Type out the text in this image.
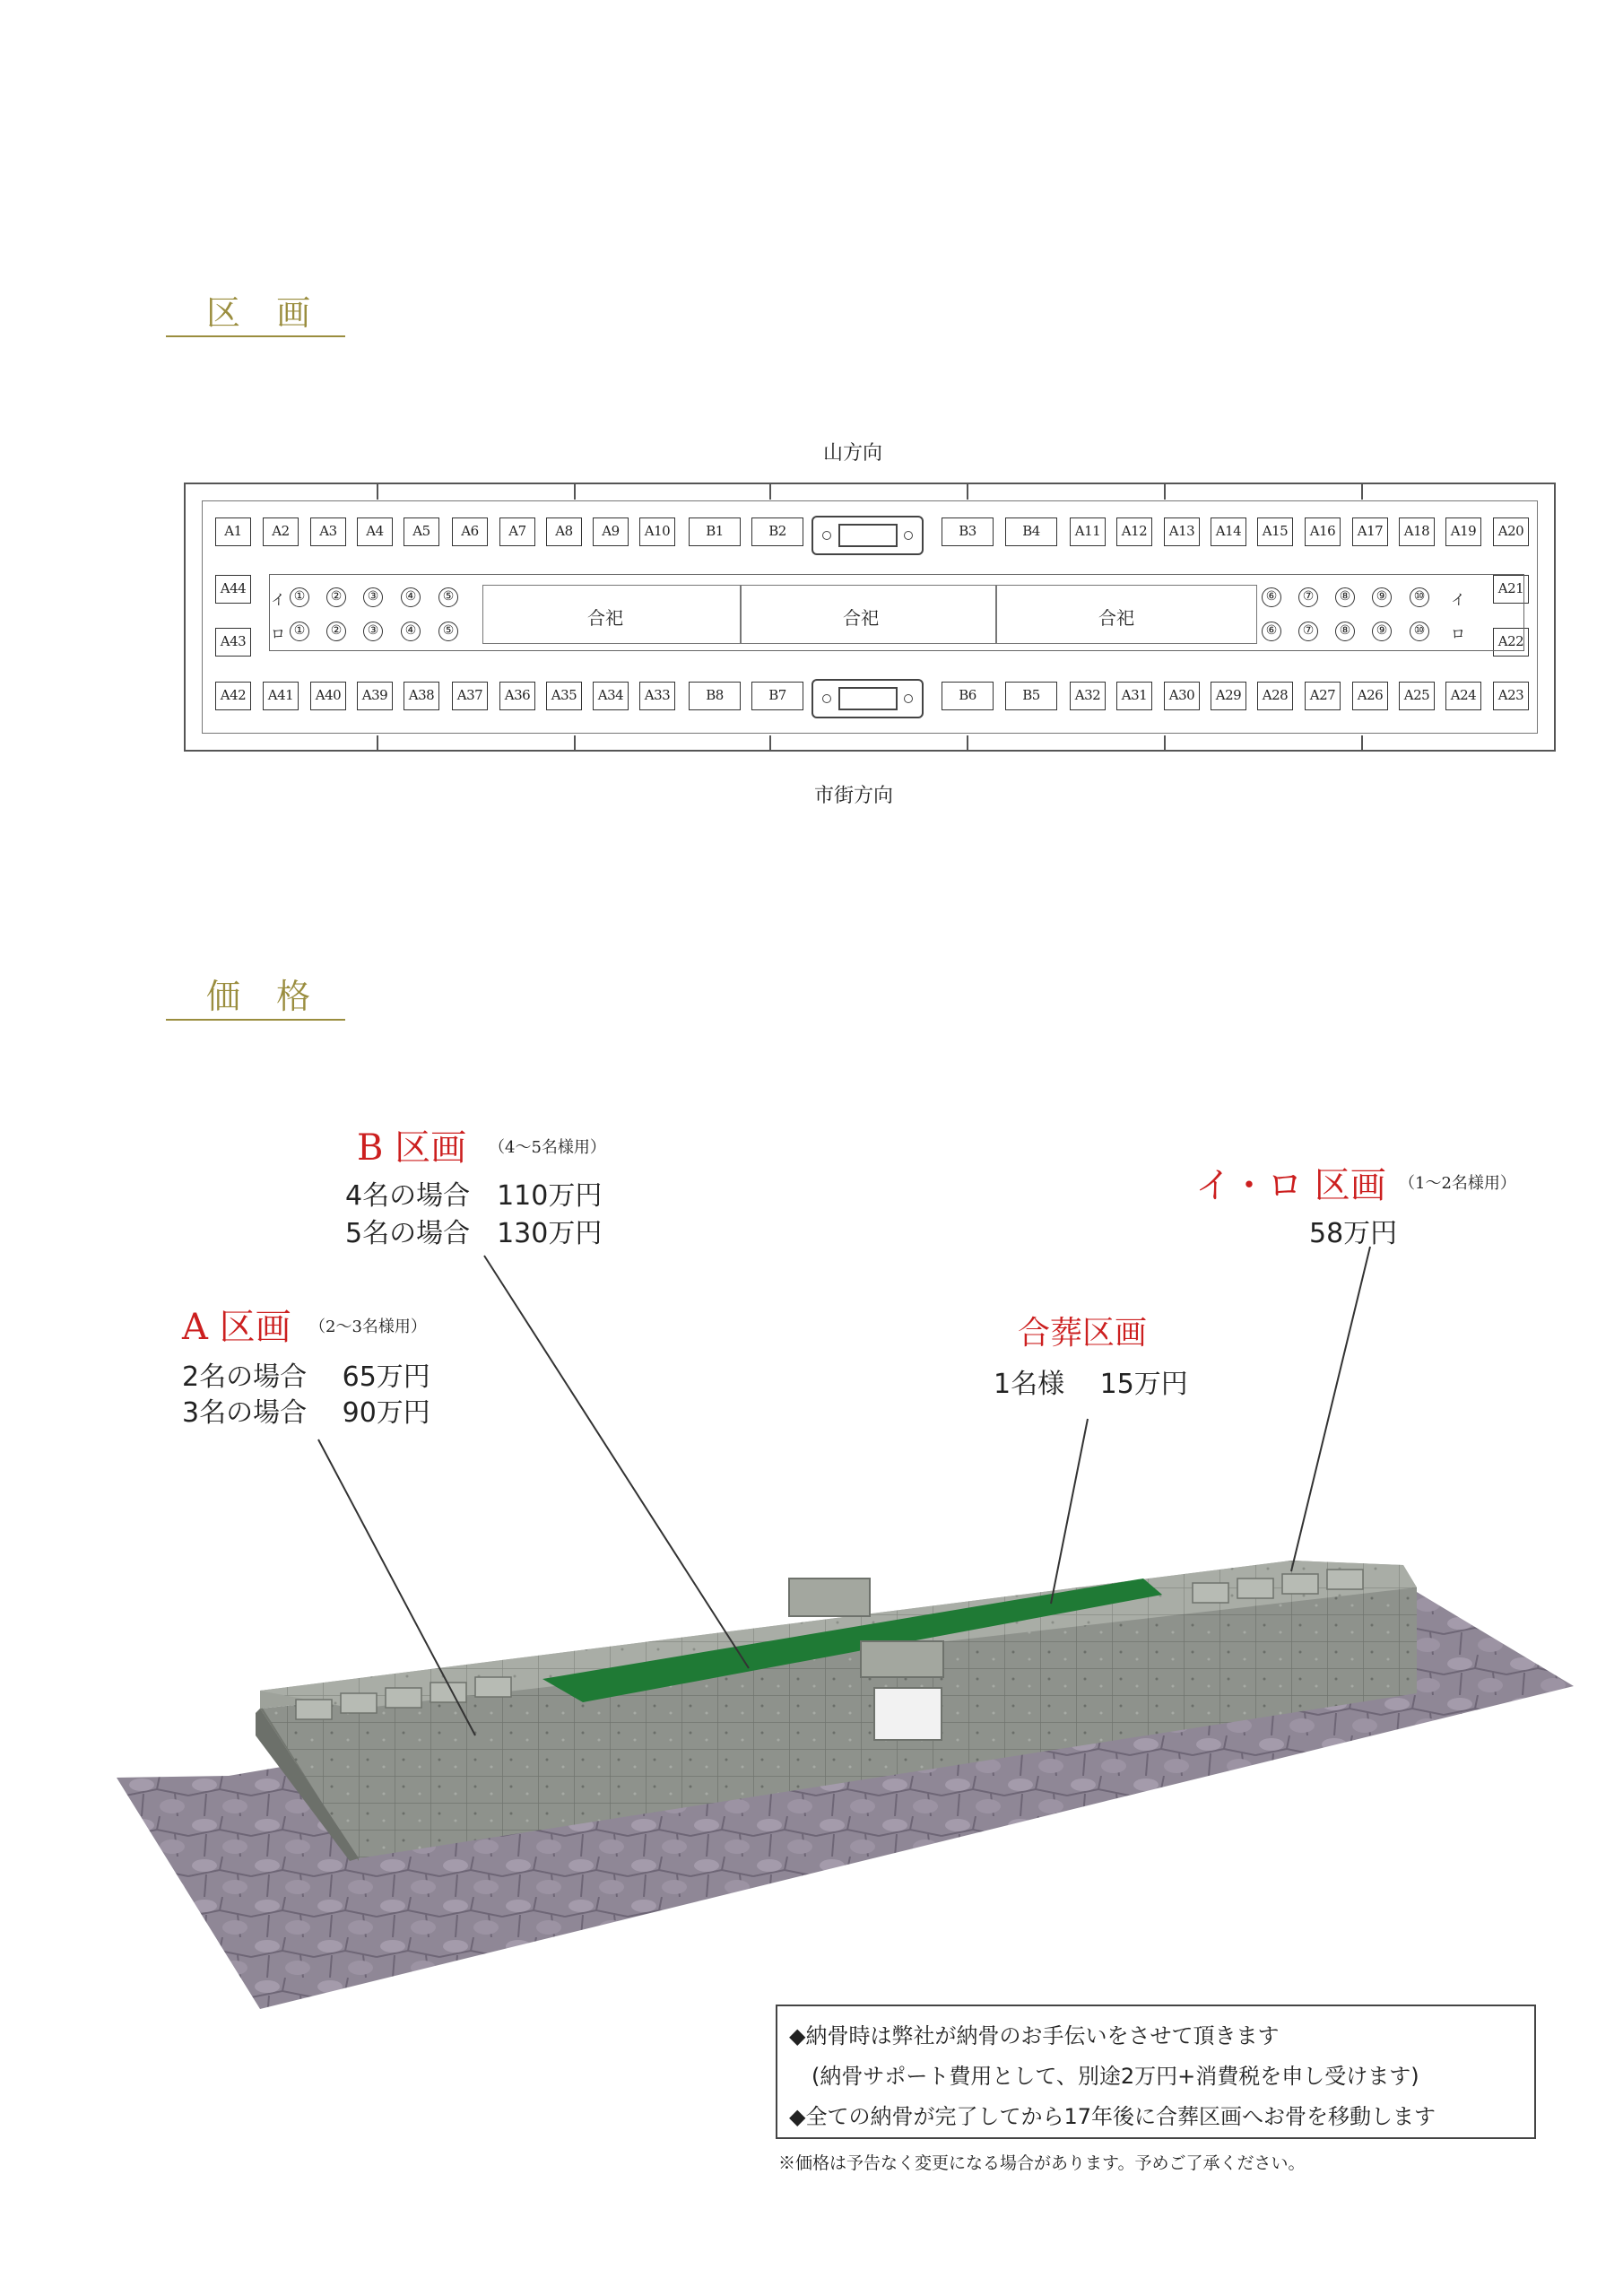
区 画
価 格
山方向
市街方向
A1	A2	A3	A4	A5	A6	A7	A8	A9	A10	B1	B2	B3	B4	A11	A12	A13	A14	A15	A16	A17	A18	A19	A20
A42	A41	A40	A39	A38	A37	A36	A35	A34	A33	B8	B7	B6	B5	A32	A31	A30	A29	A28	A27	A26	A25	A24	A23
A44
A43
A21
A22
合祀	合祀	合祀
イ
ロ
イ
ロ
①
①
②
②
③
③
④
④
⑤
⑤
⑥
⑥
⑦
⑦
⑧
⑧
⑨
⑨
⑩
⑩
B 区画 （4～5名様用）
4名の場合　110万円
5名の場合　130万円
A 区画 （2～3名様用）
2名の場合　 65万円
3名の場合　 90万円
イ・ロ 区画 （1～2名様用）
58万円
合葬区画
1名様　 15万円
◆納骨時は弊社が納骨のお手伝いをさせて頂きます
(納骨サポート費用として、別途2万円+消費税を申し受けます)
◆全ての納骨が完了してから17年後に合葬区画へお骨を移動します
※価格は予告なく変更になる場合があります。予めご了承ください。
